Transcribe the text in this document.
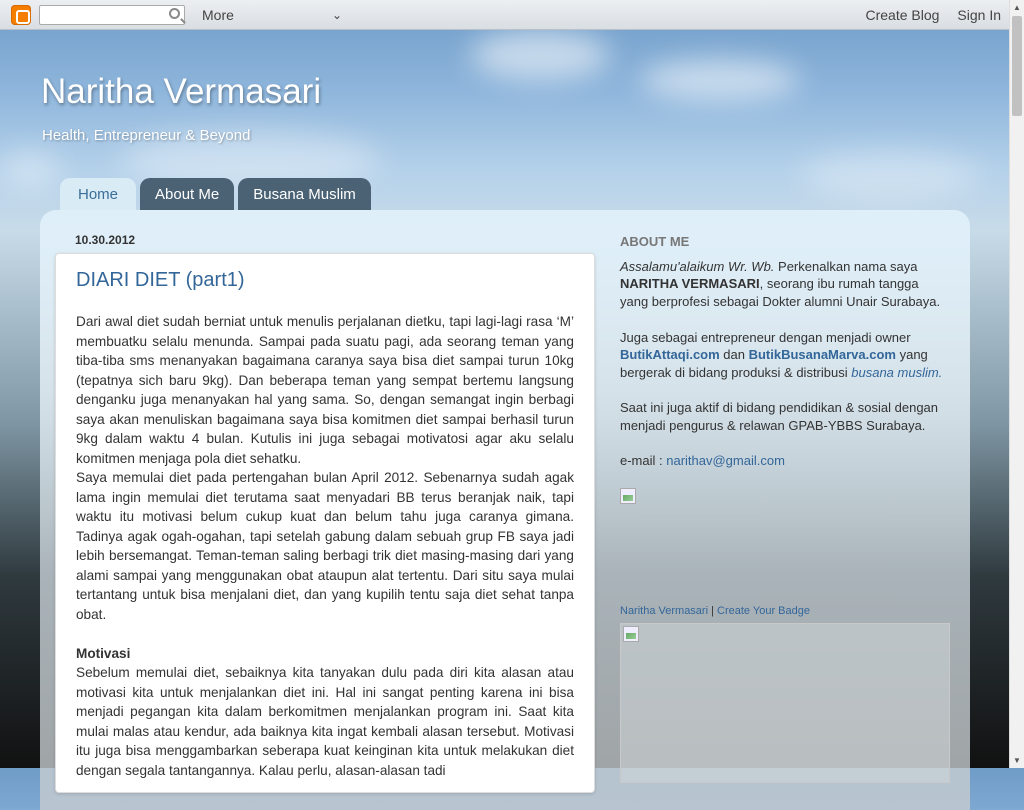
More	⌄	Create Blog Sign In ▲
▼
Naritha Vermasari
Health, Entrepreneur & Beyond
Home	About Me	Busana Muslim
10.30.2012
DIARI DIET (part1)

Dari awal diet sudah berniat untuk menulis perjalanan dietku, tapi lagi-lagi rasa ‘M’ membuatku selalu menunda. Sampai pada suatu pagi, ada seorang teman yang tiba-tiba sms menanyakan bagaimana caranya saya bisa diet sampai turun 10kg (tepatnya sich baru 9kg). Dan beberapa teman yang sempat bertemu langsung denganku juga menanyakan hal yang sama. So, dengan semangat ingin berbagi saya akan menuliskan bagaimana saya bisa komitmen diet sampai berhasil turun 9kg dalam waktu 4 bulan. Kutulis ini juga sebagai motivatosi agar aku selalu komitmen menjaga pola diet sehatku.

Saya memulai diet pada pertengahan bulan April 2012. Sebenarnya sudah agak lama ingin memulai diet terutama saat menyadari BB terus beranjak naik, tapi waktu itu motivasi belum cukup kuat dan belum tahu juga caranya gimana. Tadinya agak ogah-ogahan, tapi setelah gabung dalam sebuah grup FB saya jadi lebih bersemangat. Teman-teman saling berbagi trik diet masing-masing dari yang alami sampai yang menggunakan obat ataupun alat tertentu. Dari situ saya mulai tertantang untuk bisa menjalani diet, dan yang kupilih tentu saja diet sehat tanpa obat.

Motivasi

Sebelum memulai diet, sebaiknya kita tanyakan dulu pada diri kita alasan atau motivasi kita untuk menjalankan diet ini. Hal ini sangat penting karena ini bisa menjadi pegangan kita dalam berkomitmen menjalankan program ini. Saat kita mulai malas atau kendur, ada baiknya kita ingat kembali alasan tersebut. Motivasi itu juga bisa menggambarkan seberapa kuat keinginan kita untuk melakukan diet dengan segala tantangannya. Kalau perlu, alasan-alasan tadi

ABOUT ME

Assalamu'alaikum Wr. Wb. Perkenalkan nama saya NARITHA VERMASARI, seorang ibu rumah tangga yang berprofesi sebagai Dokter alumni Unair Surabaya.

Juga sebagai entrepreneur dengan menjadi owner ButikAttaqi.com dan ButikBusanaMarva.com yang bergerak di bidang produksi & distribusi busana muslim.

Saat ini juga aktif di bidang pendidikan & sosial dengan menjadi pengurus & relawan GPAB-YBBS Surabaya.

e-mail : narithav@gmail.com

Naritha Vermasari | Create Your Badge
